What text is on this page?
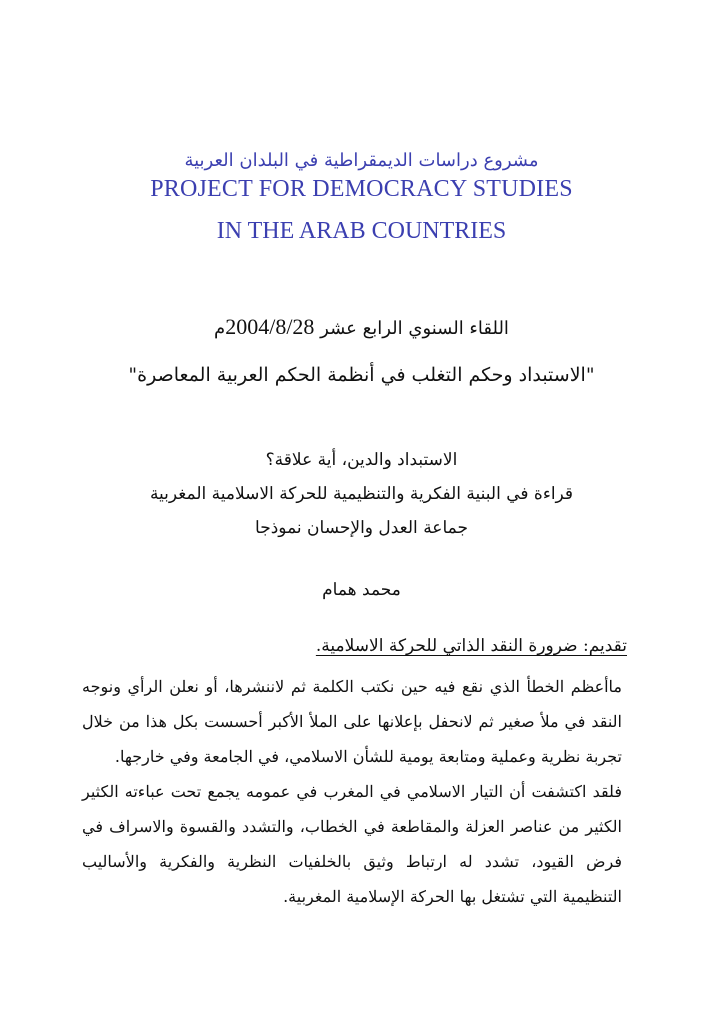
مشروع دراسات الديمقراطية في البلدان العربية
PROJECT FOR DEMOCRACY STUDIES
IN THE ARAB COUNTRIES
اللقاء السنوي الرابع عشر 2004/8/28م
"الاستبداد وحكم التغلب في أنظمة الحكم العربية المعاصرة"
الاستبداد والدين، أية علاقة؟
قراءة في البنية الفكرية والتنظيمية للحركة الاسلامية المغربية
جماعة العدل والإحسان نموذجا
محمد همام
تقديم: ضرورة النقد الذاتي للحركة الاسلامية.
ماأعظم الخطأ الذي نقع فيه حين نكتب الكلمة ثم لاننشرها، أو نعلن الرأي ونوجه النقد في ملأ صغير ثم لانحفل بإعلانها على الملأ الأكبر أحسست بكل هذا من خلال تجربة نظرية وعملية ومتابعة يومية للشأن الاسلامي، في الجامعة وفي خارجها.
فلقد اكتشفت أن التيار الاسلامي في المغرب في عمومه يجمع تحت عباءته الكثير الكثير من عناصر العزلة والمقاطعة في الخطاب، والتشدد والقسوة والاسراف في فرض القيود، تشدد له ارتباط وثيق بالخلفيات النظرية والفكرية والأساليب التنظيمية التي تشتغل بها الحركة الإسلامية المغربية.
